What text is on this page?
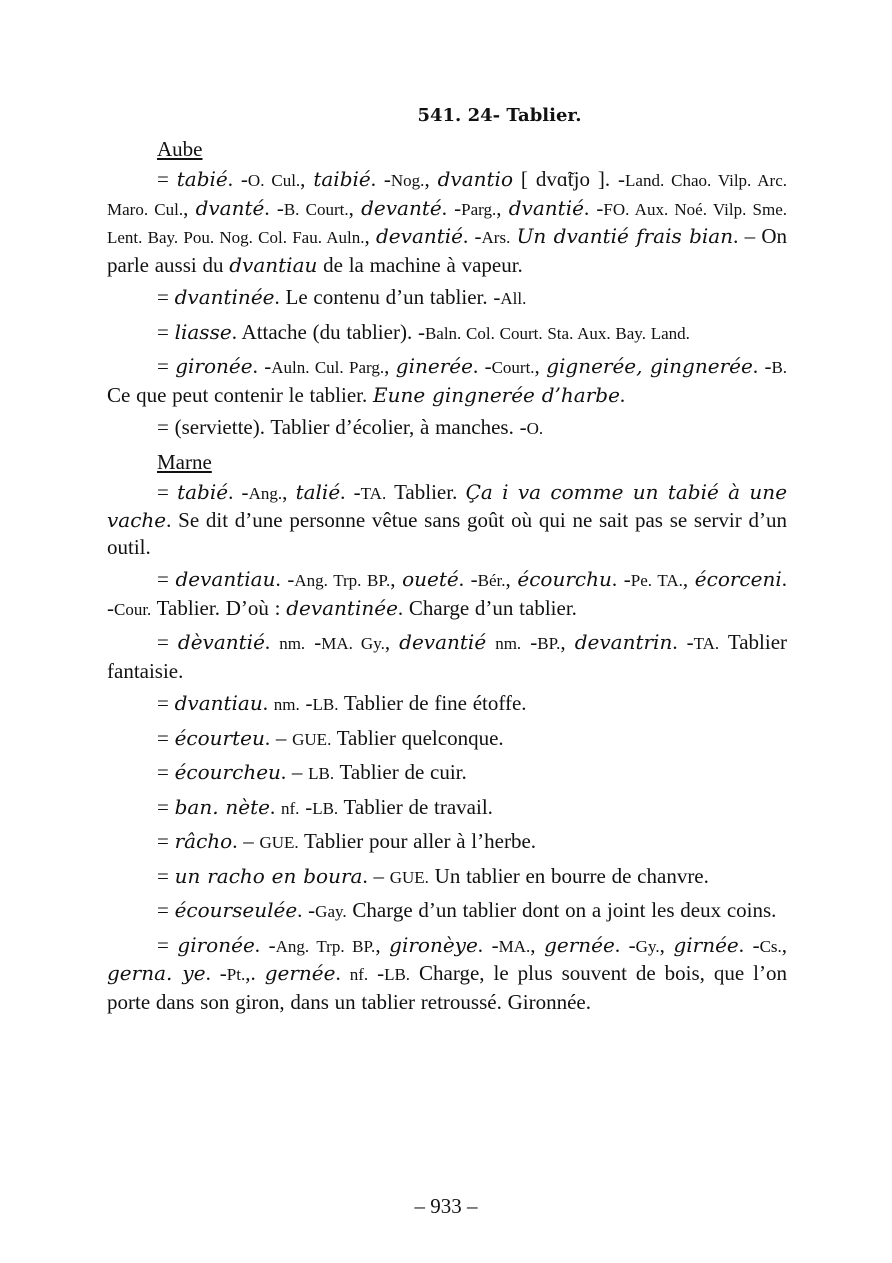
541. 24- Tablier.
Aube

= tabié. -O. Cul., taibié. -Nog., dvantio [ dvɑ̃tjo ]. -Land. Chao. Vilp. Arc. Maro. Cul., dvanté. -B. Court., devanté. -Parg., dvantié. -FO. Aux. Noé. Vilp. Sme. Lent. Bay. Pou. Nog. Col. Fau. Auln., devantié. -Ars. Un dvantié frais bian. – On parle aussi du dvantiau de la machine à vapeur.

= dvantinée. Le contenu d’un tablier. -All.

= liasse. Attache (du tablier). -Baln. Col. Court. Sta. Aux. Bay. Land.

= gironée. -Auln. Cul. Parg., ginerée. -Court., gignerée, gingnerée. -B. Ce que peut contenir le tablier. Eune gingnerée d’harbe.

= (serviette). Tablier d’écolier, à manches. -O.

Marne

= tabié. -Ang., talié. -TA. Tablier. Ça i va comme un tabié à une vache. Se dit d’une personne vêtue sans goût où qui ne sait pas se servir d’un outil.

= devantiau. -Ang. Trp. BP., oueté. -Bér., écourchu. -Pe. TA., écorceni. -Cour. Tablier. D’où : devantinée. Charge d’un tablier.

= dèvantié. nm. -MA. Gy., devantié nm. -BP., devantrin. -TA. Tablier fantaisie.

= dvantiau. nm. -LB. Tablier de fine étoffe.

= écourteu. – GUE. Tablier quelconque.

= écourcheu. – LB. Tablier de cuir.

= ban. nète. nf. -LB. Tablier de travail.

= râcho. – GUE. Tablier pour aller à l’herbe.

= un racho en boura. – GUE. Un tablier en bourre de chanvre.

= écourseulée. -Gay. Charge d’un tablier dont on a joint les deux coins.

= gironée. -Ang. Trp. BP., gironèye. -MA., gernée. -Gy., girnée. -Cs., gerna. ye. -Pt.,. gernée. nf. -LB. Charge, le plus souvent de bois, que l’on porte dans son giron, dans un tablier retroussé. Gironnée.

– 933 –
